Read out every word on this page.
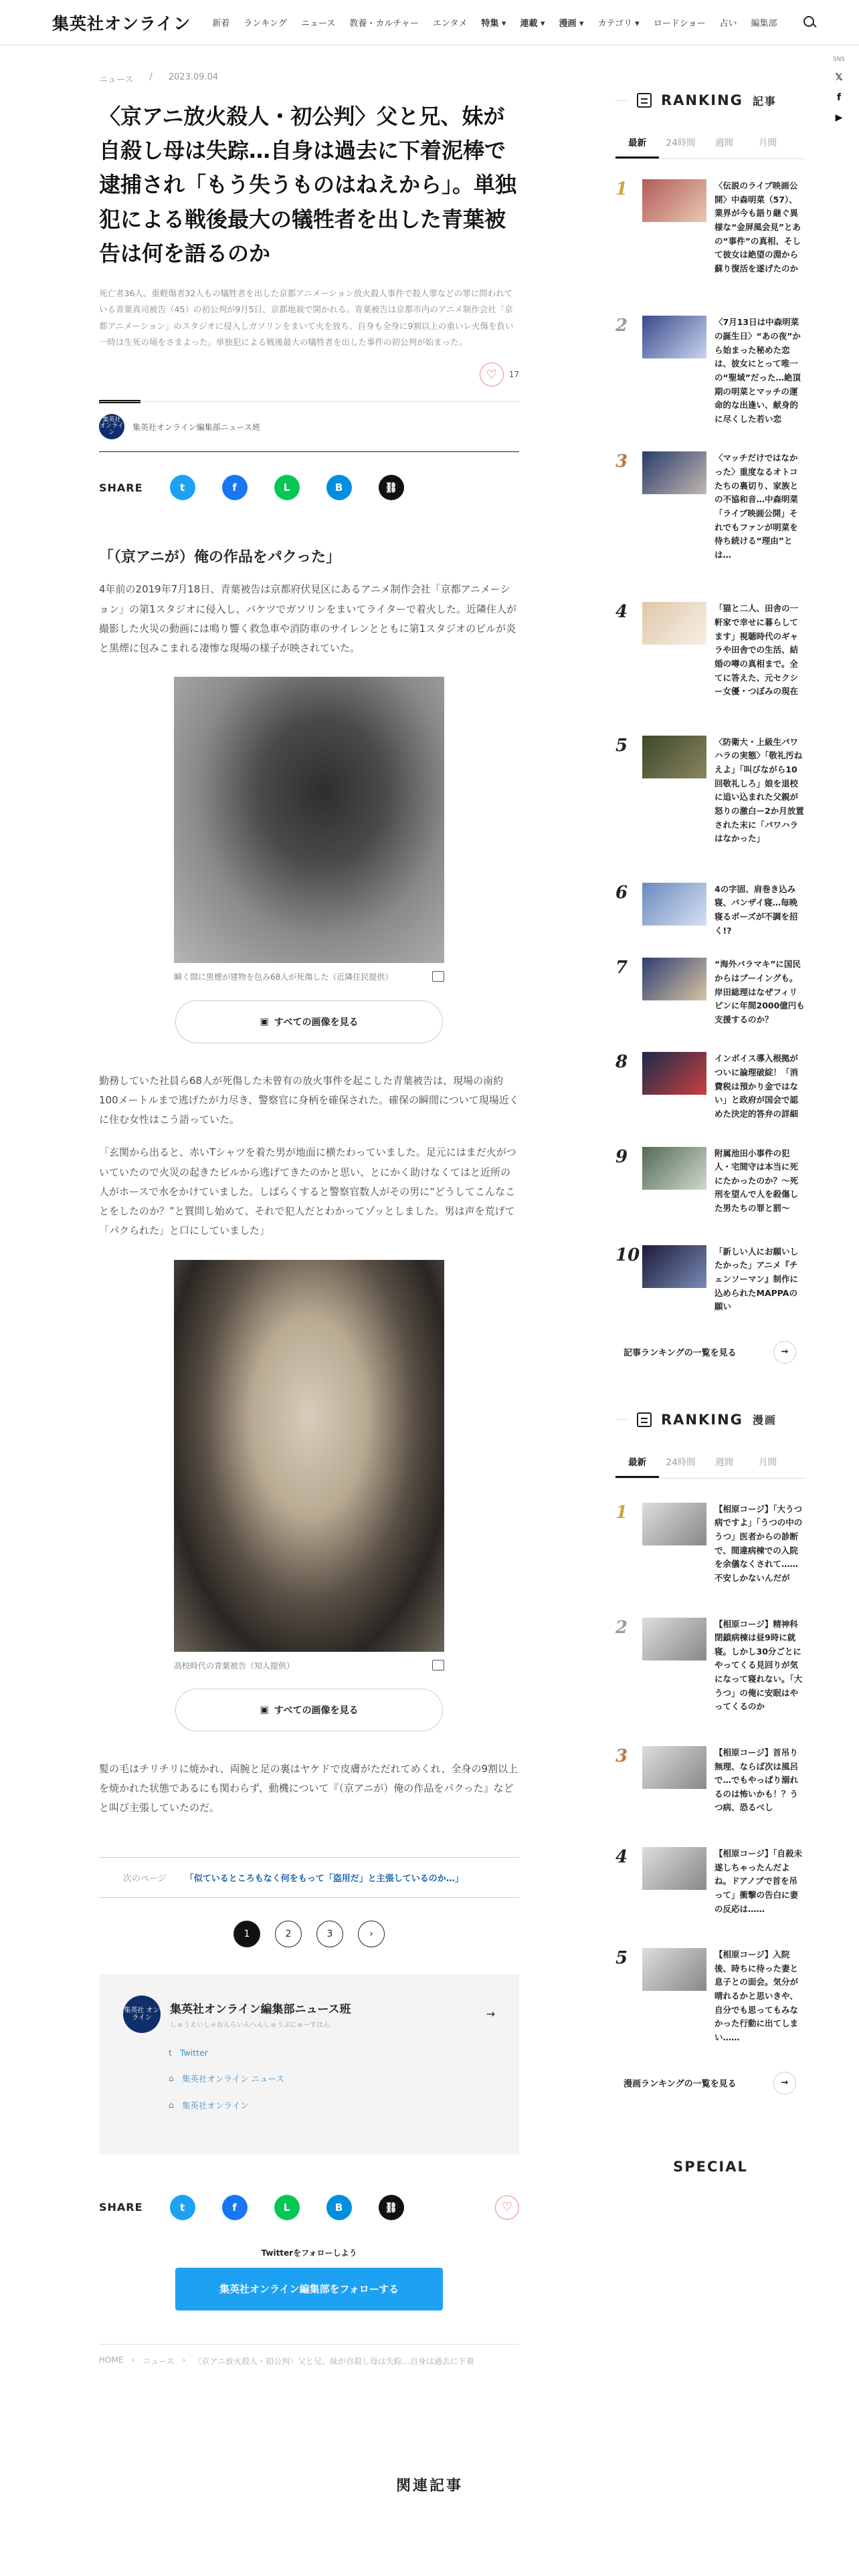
集英社オンライン 新着 ランキング ニュース 教養・カルチャー エンタメ 特集 ▾ 連載 ▾ 漫画 ▾ カテゴリ ▾ ロードショー 占い 編集部
SNS
𝕏
f
▶
ニュース / 2023.09.04
〈京アニ放火殺人・初公判〉父と兄、妹が自殺し母は失踪…自身は過去に下着泥棒で逮捕され「もう失うものはねえから」。単独犯による戦後最大の犠牲者を出した青葉被告は何を語るのか

死亡者36人、重軽傷者32人もの犠牲者を出した京都アニメーション放火殺人事件で殺人罪などの罪に問われている青葉真司被告（45）の初公判が9月5日、京都地裁で開かれる。青葉被告は京都市内のアニメ制作会社「京都アニメーション」のスタジオに侵入しガソリンをまいて火を放ち、自身も全身に9割以上の重いレ火傷を負い一時は生死の境をさまよった。単独犯による戦後最大の犠牲者を出した事件の初公判が始まった。

♡	17
集英社 オンライン
集英社オンライン編集部ニュース班
SHARE	t	f	L	B	⛓
「（京アニが）俺の作品をパクった」

4年前の2019年7月18日、青葉被告は京都府伏見区にあるアニメ制作会社「京都アニメーション」の第1スタジオに侵入し、バケツでガソリンをまいてライターで着火した。近隣住人が撮影した火災の動画には鳴り響く救急車や消防車のサイレンとともに第1スタジオのビルが炎と黒煙に包みこまれる凄惨な現場の様子が映されていた。

瞬く間に黒煙が建物を包み68人が死傷した（近隣住民提供）
▣ すべての画像を見る

勤務していた社員ら68人が死傷した未曾有の放火事件を起こした青葉被告は、現場の南約100メートルまで逃げたが力尽き、警察官に身柄を確保された。確保の瞬間について現場近くに住む女性はこう語っていた。

「玄関から出ると、赤いTシャツを着た男が地面に横たわっていました。足元にはまだ火がついていたので火災の起きたビルから逃げてきたのかと思い、とにかく助けなくてはと近所の人がホースで水をかけていました。しばらくすると警察官数人がその男に“どうしてこんなことをしたのか？”と質問し始めて、それで犯人だとわかってゾッとしました。男は声を荒げて「パクられた」と口にしていました」

高校時代の青葉被告（知人提供）
▣ すべての画像を見る

髪の毛はチリチリに焼かれ、両腕と足の裏はヤケドで皮膚がただれてめくれ、全身の9割以上を焼かれた状態であるにも関わらず、動機について『（京アニが）俺の作品をパクった』などと叫び主張していたのだ。

次のページ 「似ているところもなく何をもって「盗用だ」と主張しているのか…」
1	2	3	›
集英社 オンライン
集英社オンライン編集部ニュース班
しゅうえいしゃおんらいんへんしゅうぶにゅーすはん
→
t Twitter
⌂ 集英社オンライン ニュース
⌂ 集英社オンライン
SHARE	t	f	L	B	⛓	♡
Twitterをフォローしよう
集英社オンライン編集部をフォローする
HOME › ニュース › 〈京アニ放火殺人・初公判〉父と兄、妹が自殺し母は失踪…自身は過去に下着
関連記事
RANKING 記事
最新	24時間	週間	月間
1	〈伝説のライブ映画公開〉中森明菜（57）、業界が今も語り継ぐ異様な“金屏風会見”とあの“事件”の真相、そして彼女は絶望の淵から蘇り復活を遂げたのか
2	〈7月13日は中森明菜の誕生日〉“あの夜”から始まった秘めた恋は、彼女にとって唯一の“聖域”だった…絶頂期の明菜とマッチの運命的な出逢い、献身的に尽くした若い恋
3	〈マッチだけではなかった〉重度なるオトコたちの裏切り、家族との不協和音…中森明菜「ライブ映画公開」それでもファンが明菜を待ち続ける“理由”とは…
4	「猫と二人、田舎の一軒家で幸せに暮らしてます」視聴時代のギャラや田舎での生活、結婚の噂の真相まで。全てに答えた、元セクシー女優・つぼみの現在
5	〈防衛大・上級生パワハラの実態〉「敬礼汚ねえよ」「叫びながら10回敬礼しろ」娘を退校に追い込まれた父親が怒りの激白ー2か月放置された末に「パワハラはなかった」
6	4の字固、肩巻き込み寝、バンザイ寝…毎晩寝るポーズが不調を招く!?
7	“海外バラマキ”に国民からはブーイングも。岸田総理はなぜフィリピンに年間2000億円も支援するのか？
8	インボイス導入根拠がついに論理破綻！「消費税は預かり金ではない」と政府が国会で認めた決定的答弁の詳細
9	附属池田小事件の犯人・宅間守は本当に死にたかったのか？〜死刑を望んで人を殺傷した男たちの罪と罰〜
10	「新しい人にお願いしたかった」アニメ『チェンソーマン』制作に込められたMAPPAの願い
記事ランキングの一覧を見る	→
RANKING 漫画
最新	24時間	週間	月間
1	【相原コージ】「大うつ病ですよ」「うつの中のうつ」医者からの診断で、間違病棟での入院を余儀なくされて……不安しかないんだが
2	【相原コージ】精神科閉鎖病棟は昼9時に就寝。しかし30分ごとにやってくる見回りが気になって寝れない。「大うつ」の俺に安眠はやってくるのか
3	【相原コージ】首吊り無理、ならば次は風呂で…でもやっぱり溺れるのは怖いかも！？うつ病、恐るべし
4	【相原コージ】「自殺未遂しちゃったんだよね。ドアノブで首を吊って」衝撃の告白に妻の反応は……
5	【相原コージ】入院後、時ちに待った妻と息子との面会。気分が晴れるかと思いきや、自分でも思ってもみなかった行動に出てしまい……
漫画ランキングの一覧を見る	→
SPECIAL
